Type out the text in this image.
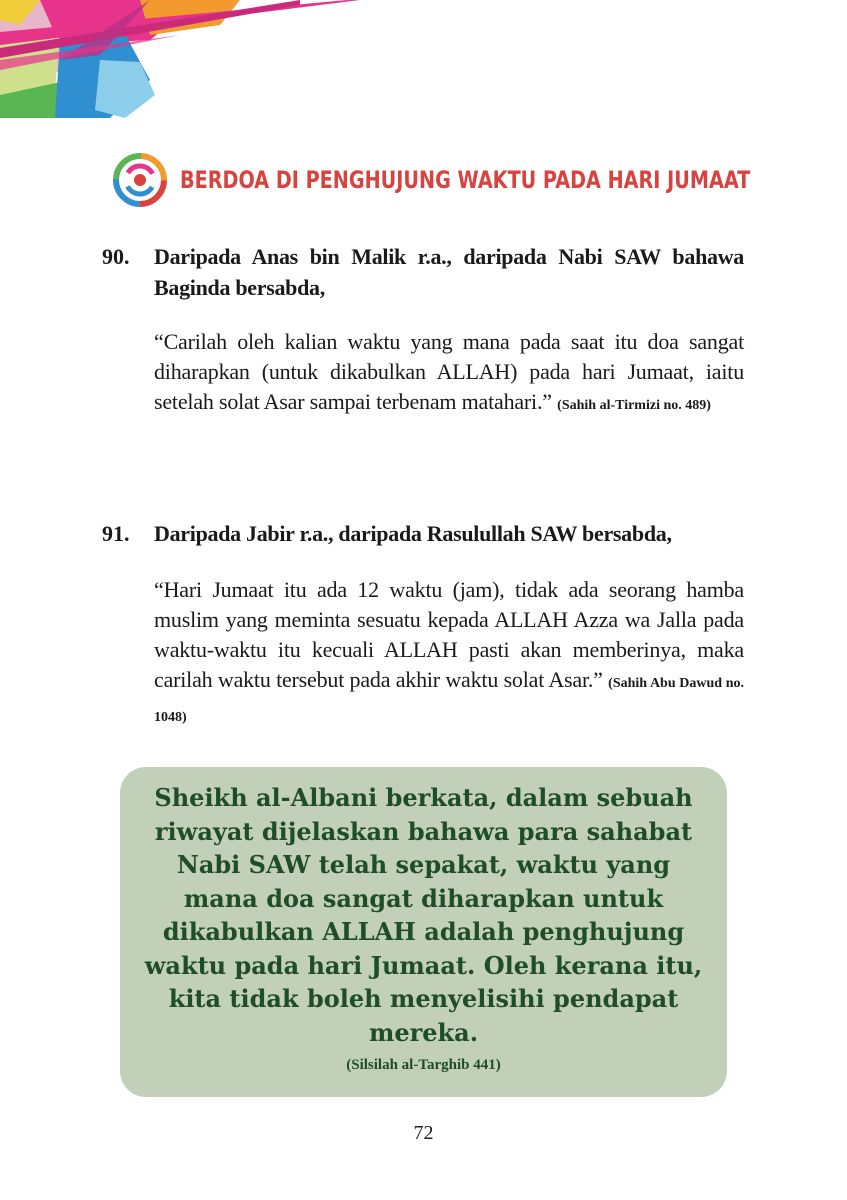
BERDOA DI PENGHUJUNG WAKTU PADA HARI JUMAAT
90. Daripada Anas bin Malik r.a., daripada Nabi SAW bahawa Baginda bersabda,
“Carilah oleh kalian waktu yang mana pada saat itu doa sangat diharapkan (untuk dikabulkan ALLAH) pada hari Jumaat, iaitu setelah solat Asar sampai terbenam matahari.” (Sahih al-Tirmizi no. 489)
91. Daripada Jabir r.a., daripada Rasulullah SAW bersabda,
“Hari Jumaat itu ada 12 waktu (jam), tidak ada seorang hamba muslim yang meminta sesuatu kepada ALLAH Azza wa Jalla pada waktu-waktu itu kecuali ALLAH pasti akan memberinya, maka carilah waktu tersebut pada akhir waktu solat Asar.” (Sahih Abu Dawud no. 1048)
Sheikh al-Albani berkata, dalam sebuah riwayat dijelaskan bahawa para sahabat Nabi SAW telah sepakat, waktu yang mana doa sangat diharapkan untuk dikabulkan ALLAH adalah penghujung waktu pada hari Jumaat. Oleh kerana itu, kita tidak boleh menyelisihi pendapat mereka.
(Silsilah al-Targhib 441)
72
